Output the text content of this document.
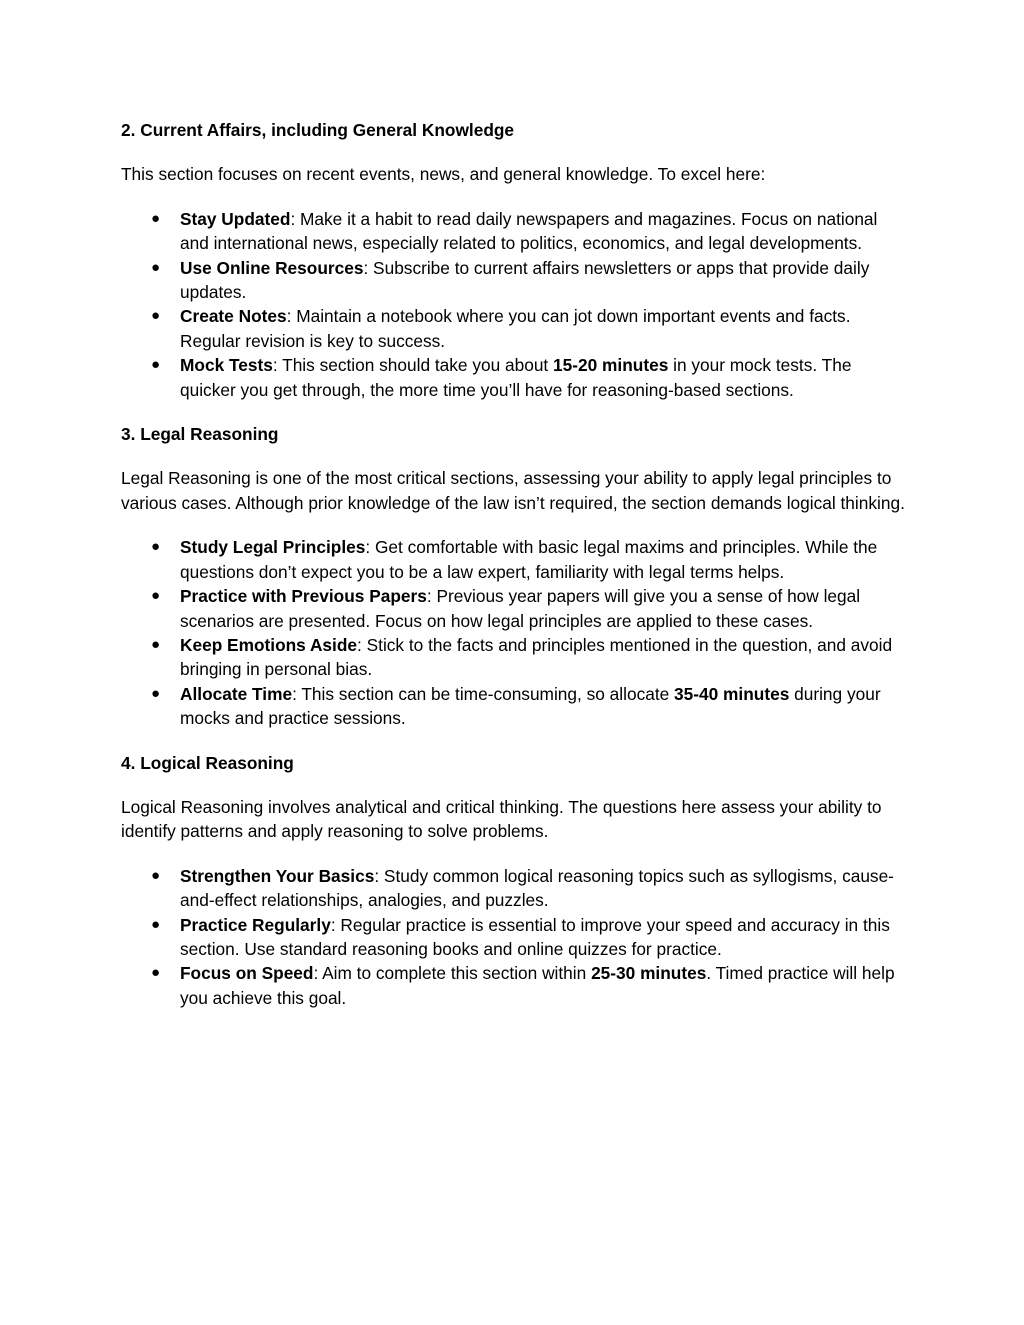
2. Current Affairs, including General Knowledge

This section focuses on recent events, news, and general knowledge. To excel here:

● Stay Updated: Make it a habit to read daily newspapers and magazines. Focus on national and international news, especially related to politics, economics, and legal developments.
● Use Online Resources: Subscribe to current affairs newsletters or apps that provide daily updates.
● Create Notes: Maintain a notebook where you can jot down important events and facts. Regular revision is key to success.
● Mock Tests: This section should take you about 15-20 minutes in your mock tests. The quicker you get through, the more time you’ll have for reasoning-based sections.
3. Legal Reasoning

Legal Reasoning is one of the most critical sections, assessing your ability to apply legal principles to various cases. Although prior knowledge of the law isn’t required, the section demands logical thinking.

● Study Legal Principles: Get comfortable with basic legal maxims and principles. While the questions don’t expect you to be a law expert, familiarity with legal terms helps.
● Practice with Previous Papers: Previous year papers will give you a sense of how legal scenarios are presented. Focus on how legal principles are applied to these cases.
● Keep Emotions Aside: Stick to the facts and principles mentioned in the question, and avoid bringing in personal bias.
● Allocate Time: This section can be time-consuming, so allocate 35-40 minutes during your mocks and practice sessions.
4. Logical Reasoning

Logical Reasoning involves analytical and critical thinking. The questions here assess your ability to identify patterns and apply reasoning to solve problems.

● Strengthen Your Basics: Study common logical reasoning topics such as syllogisms, cause-and-effect relationships, analogies, and puzzles.
● Practice Regularly: Regular practice is essential to improve your speed and accuracy in this section. Use standard reasoning books and online quizzes for practice.
● Focus on Speed: Aim to complete this section within 25-30 minutes. Timed practice will help you achieve this goal.
